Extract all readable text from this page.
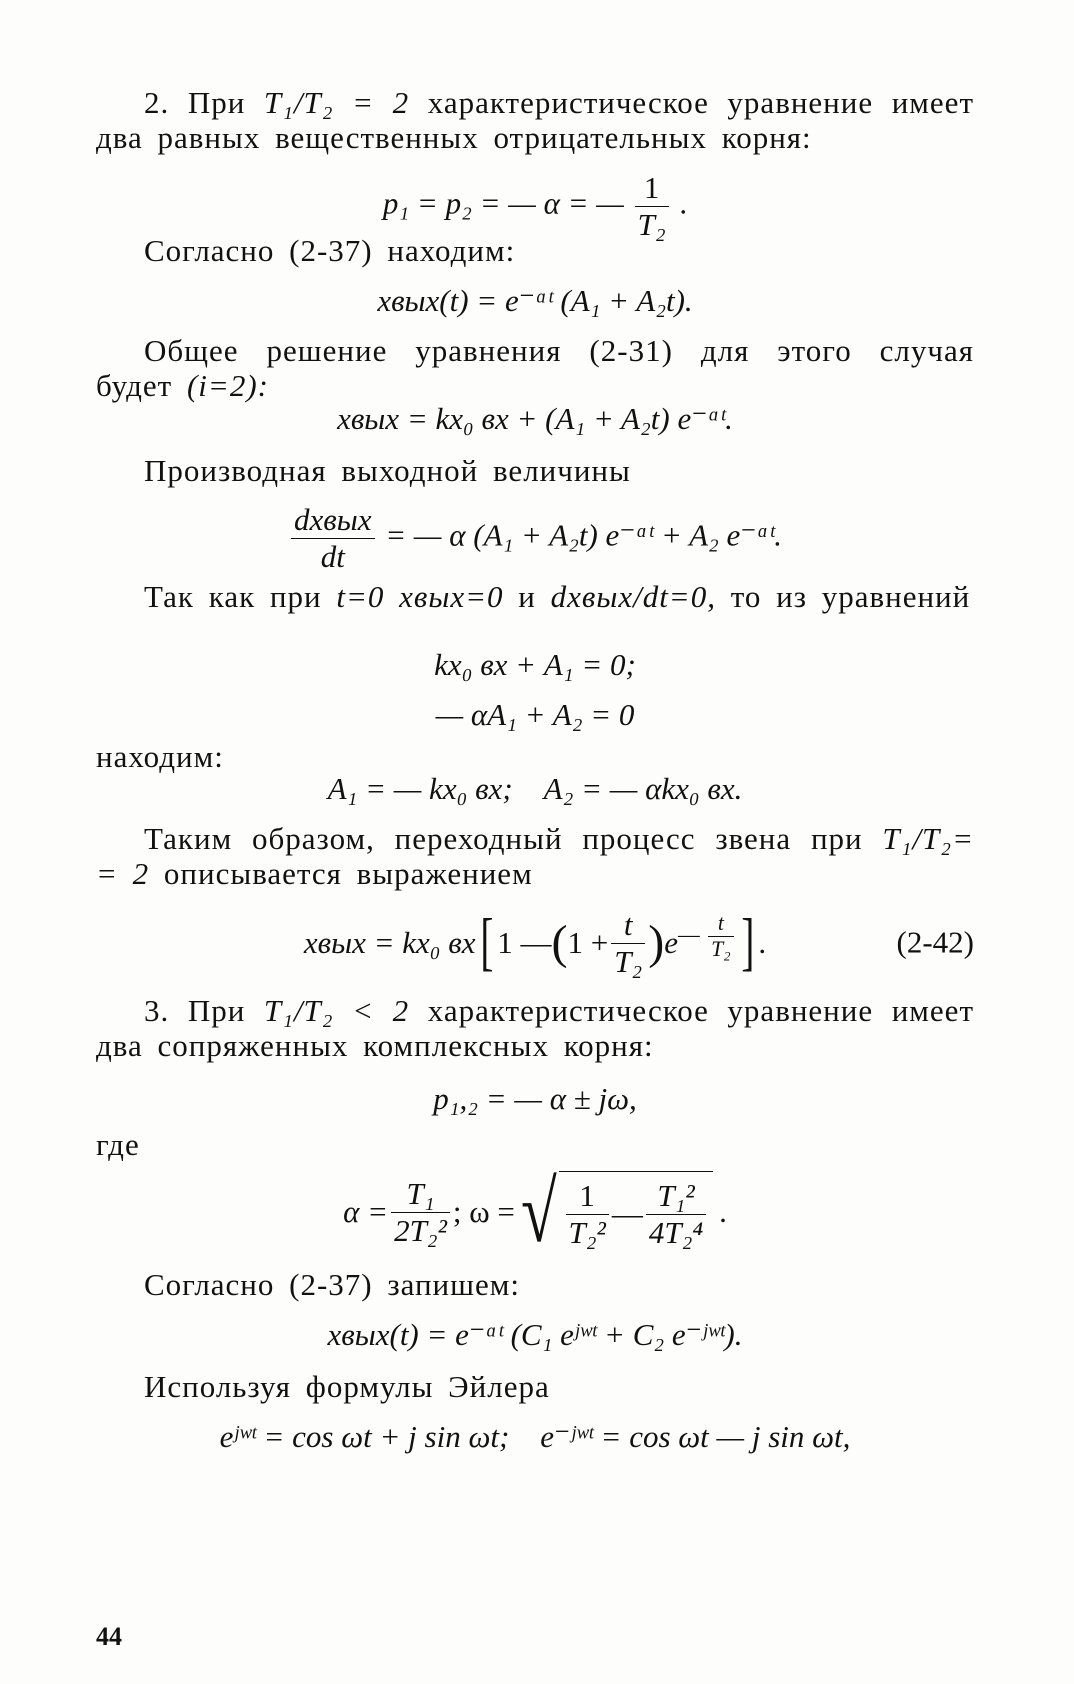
2. При T₁/T₂ = 2 характеристическое уравнение имеет два равных вещественных отрицательных корня:

p₁ = p₂ = — α = — $\frac{1}{\text{T₂}}$ .

Согласно (2-37) находим:

xвых(t) = e⁻ᵅᵗ (A₁ + A₂t).

Общее решение уравнения (2-31) для этого случая будет (i=2):

xвых = kx₀ вх + (A₁ + A₂t) e⁻ᵅᵗ.

Производная выходной величины

$\frac{\text{dxвых}}{dt}$ = — α (A₁ + A₂t) e⁻ᵅᵗ + A₂ e⁻ᵅᵗ.

Так как при t=0 xвых=0 и dxвых/dt=0, то из уравнений

kx₀ вх + A₁ = 0;
— αA₁ + A₂ = 0

находим:

A₁ = — kx₀ вх;    A₂ = — αkx₀ вх.

Таким образом, переходный процесс звена при T₁/T₂= = 2 описывается выражением

xвых = kx₀ вх [ 1 — ( $1 + \frac{t}{\text{T₂}}$ ) e — $\frac{t}{\text{T₂}}$ ] .	(2-42)

3. При T₁/T₂ < 2 характеристическое уравнение имеет два сопряженных комплексных корня:

p₁,₂ = — α ± jω,

где

$\alpha = \frac{\text{T₁}}{\text{2T₂²}}$ ; ω = √ $\frac{1}{\text{T₂²}}$ — $\frac{\text{T₁²}}{\text{4T₂⁴}}$ .

Согласно (2-37) запишем:

xвых(t) = e⁻ᵅᵗ (C₁ eʲʷᵗ + C₂ e⁻ʲʷᵗ).

Используя формулы Эйлера

eʲʷᵗ = cos ωt + j sin ωt;    e⁻ʲʷᵗ = cos ωt — j sin ωt,
44
